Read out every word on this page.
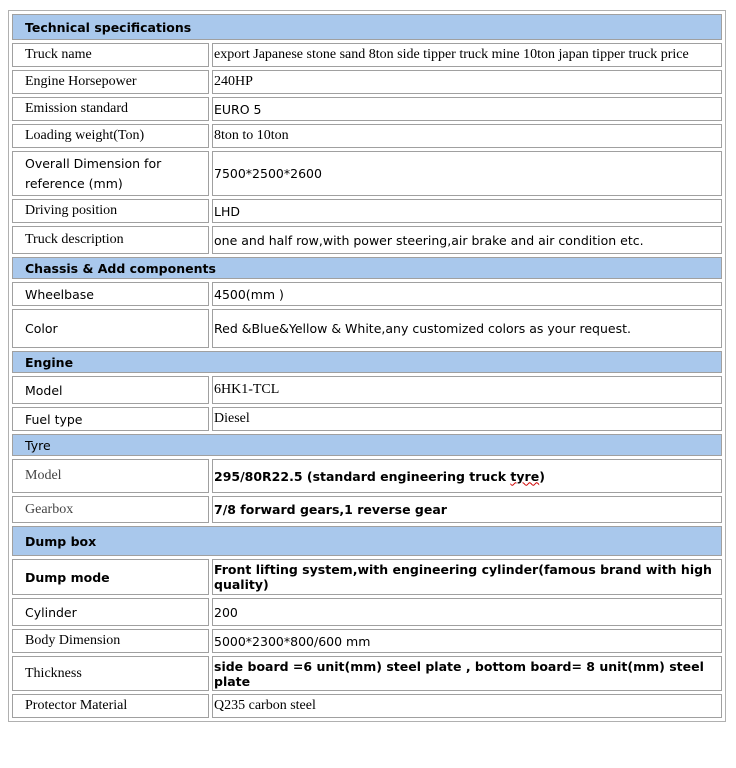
Technical specifications	
Truck name	export Japanese stone sand 8ton side tipper truck mine 10ton japan tipper truck price
Engine Horsepower	240HP
Emission standard	EURO 5
Loading weight(Ton)	8ton to 10ton
Overall Dimension for reference (mm)	7500*2500*2600
Driving position	LHD
Truck description	one and half row,with power steering,air brake and air condition etc.
Chassis & Add components	
Wheelbase	4500(mm )
Color	Red &Blue&Yellow & White,any customized colors as your request.
Engine	
Model	6HK1-TCL
Fuel type	Diesel
Tyre	
Model	295/80R22.5 (standard engineering truck tyre)
Gearbox	7/8 forward gears,1 reverse gear
Dump box	
Dump mode	Front lifting system,with engineering cylinder(famous brand with high quality)
Cylinder	200
Body Dimension	5000*2300*800/600 mm
Thickness	side board =6 unit(mm) steel plate , bottom board= 8 unit(mm) steel plate
Protector Material	Q235 carbon steel
